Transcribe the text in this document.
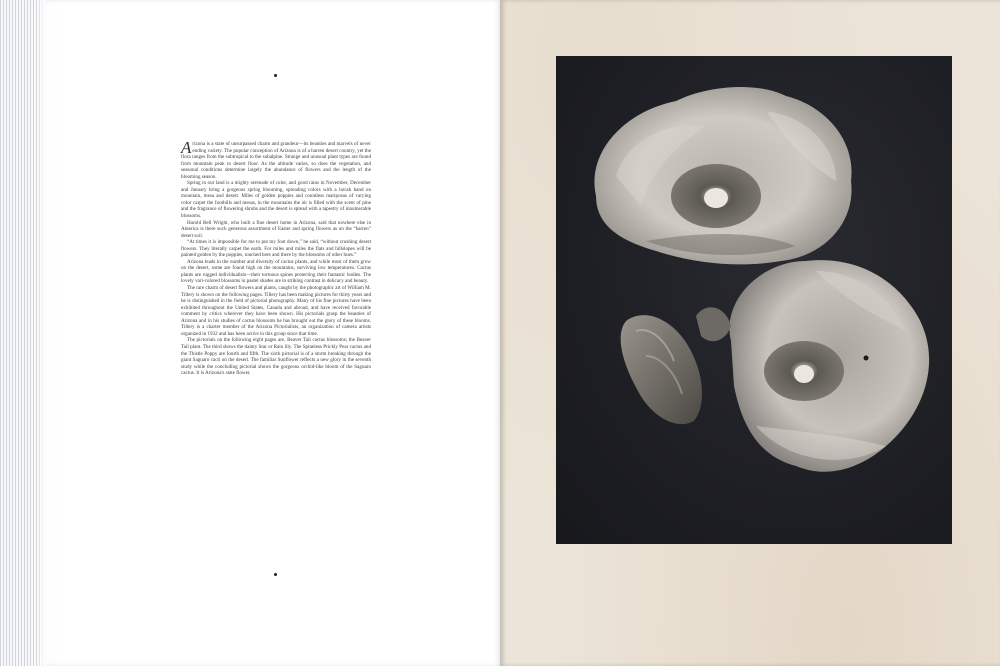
Arizona is a state of unsurpassed charm and grandeur—its beauties and marvels of never ending variety. The popular conception of Arizona is of a barren desert country, yet the flora ranges from the subtropical to the subalpine. Strange and unusual plant types are found from mountain peak to desert floor. As the altitude varies, so does the vegetation, and seasonal conditions determine largely the abundance of flowers and the length of the blooming season.

Spring in our land is a mighty serenade of color, and good rains in November, December and January bring a gorgeous spring blooming, spreading colors with a lavish hand on mountain, mesa and desert. Miles of golden poppies and countless mariposas of varying color carpet the foothills and mesas, in the mountains the air is filled with the scent of pine and the fragrance of flowering shrubs and the desert is spread with a tapestry of innumerable blossoms.

Harold Bell Wright, who built a fine desert home in Arizona, said that nowhere else in America is there such generous assortment of Easter and spring flowers as on the “barren” desert soil.

“At times it is impossible for me to put my foot down,” he said, “without crushing desert flowers. They literally carpet the earth. For miles and miles the flats and hillslopes will be painted golden by the poppies, touched here and there by the blossoms of other hues.”

Arizona leads in the number and diversity of cactus plants, and while most of them grow on the desert, some are found high on the mountains, surviving low temperatures. Cactus plants are rugged individualists—their tortuous spines protecting their fantastic bodies. The lovely vari-colored blossoms in pastel shades are in striking contrast in delicacy and beauty.

The rare charm of desert flowers and plants, caught by the photographic art of William M. Tillery is shown on the following pages. Tillery has been making pictures for thirty years and he is distinguished in the field of pictorial photography. Many of his fine pictures have been exhibited throughout the United States, Canada and abroad, and have received favorable comment by critics wherever they have been shown. His pictorials grasp the beauties of Arizona and in his studies of cactus blossoms he has brought out the glory of these blooms. Tillery is a charter member of the Arizona Pictorialists, an organization of camera artists organized in 1932 and has been active in this group since that time.

The pictorials on the following eight pages are, Beaver Tail cactus blossoms; the Beaver Tail plant. The third shows the dainty Star or Rain lily. The Spineless Prickly Pear cactus and the Thistle Poppy are fourth and fifth. The sixth pictorial is of a storm breaking through the giant Saguaro cacti on the desert. The familiar Sunflower reflects a new glory in the seventh study while the concluding pictorial shows the gorgeous orchid-like bloom of the Saguaro cactus. It is Arizona's state flower.
